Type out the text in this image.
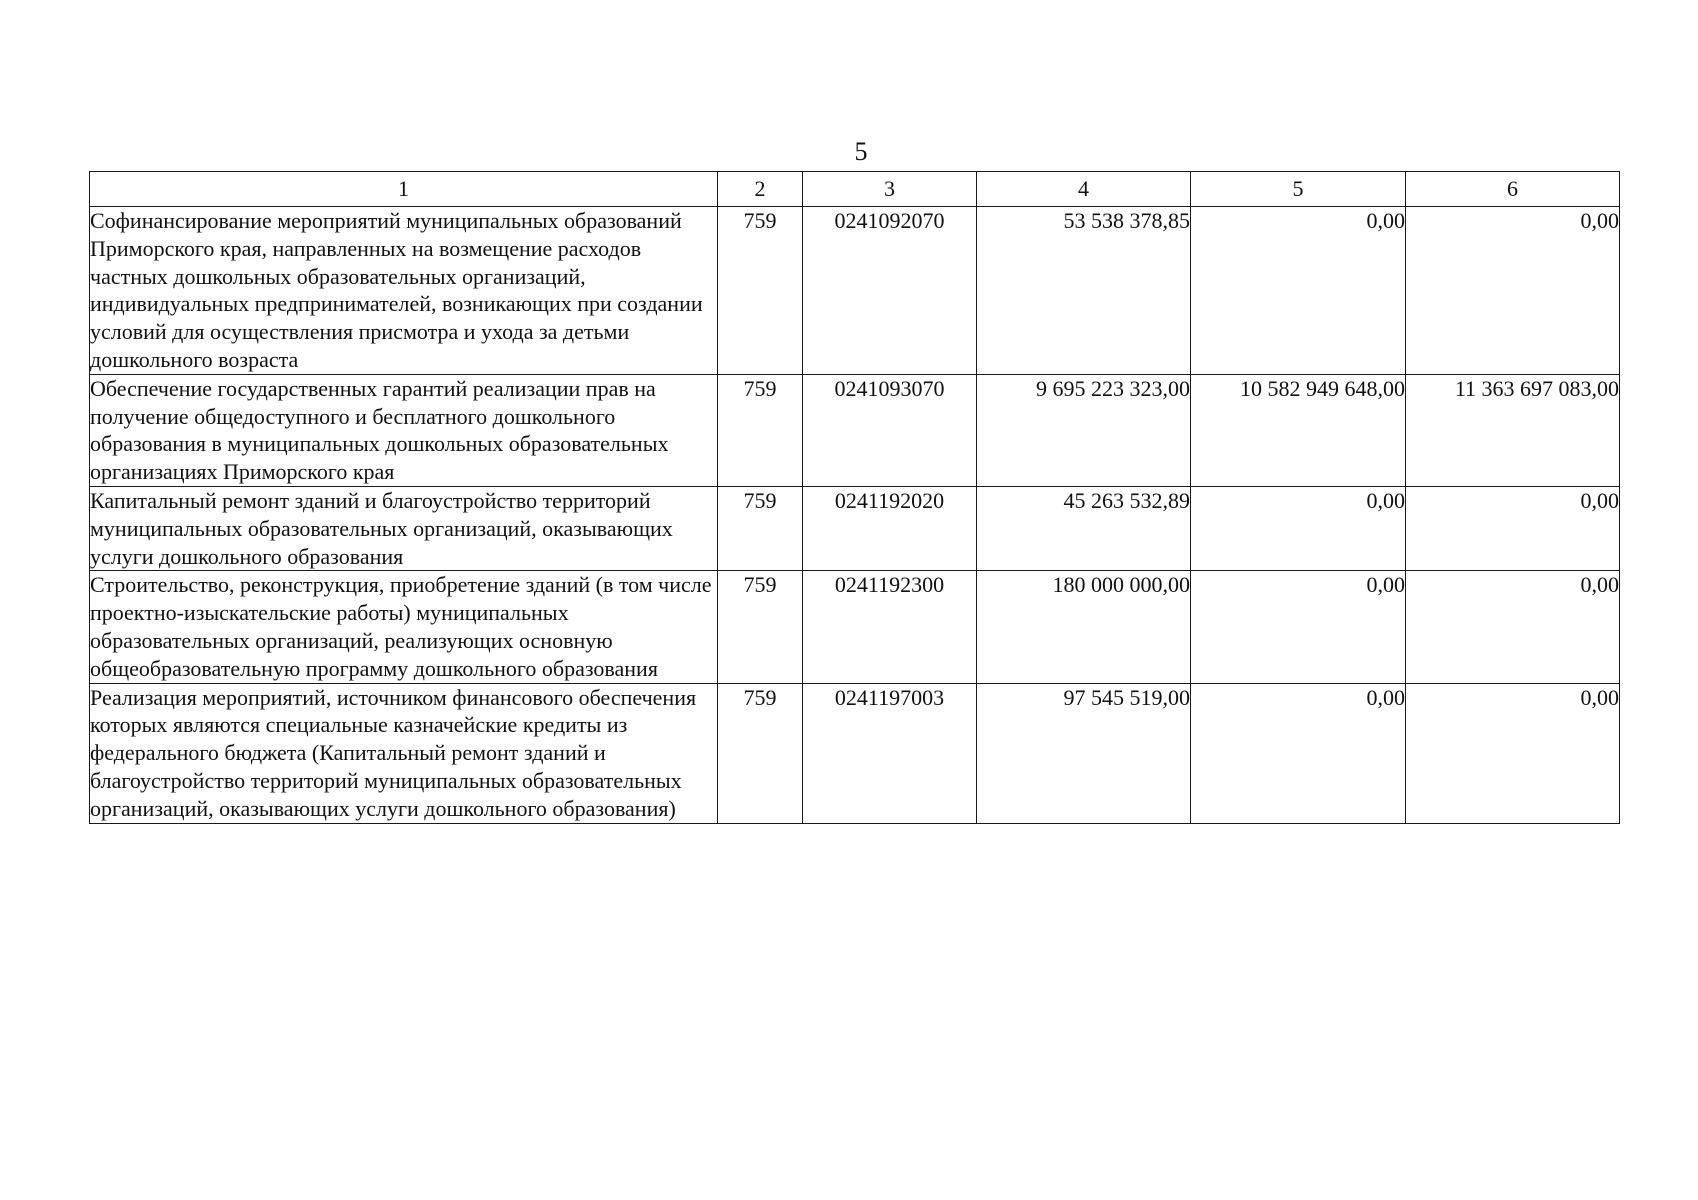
5
1	2	3	4	5	6
Софинансирование мероприятий муниципальных образований Приморского края, направленных на возмещение расходов частных дошкольных образовательных организаций, индивидуальных предпринимателей, возникающих при создании условий для осуществления присмотра и ухода за детьми дошкольного возраста	759	0241092070	53 538 378,85	0,00	0,00
Обеспечение государственных гарантий реализации прав на получение общедоступного и бесплатного дошкольного образования в муниципальных дошкольных образовательных организациях Приморского края	759	0241093070	9 695 223 323,00	10 582 949 648,00	11 363 697 083,00
Капитальный ремонт зданий и благоустройство территорий муниципальных образовательных организаций, оказывающих услуги дошкольного образования	759	0241192020	45 263 532,89	0,00	0,00
Строительство, реконструкция, приобретение зданий (в том числе проектно-изыскательские работы) муниципальных образовательных организаций, реализующих основную общеобразовательную программу дошкольного образования	759	0241192300	180 000 000,00	0,00	0,00
Реализация мероприятий, источником финансового обеспечения которых являются специальные казначейские кредиты из федерального бюджета (Капитальный ремонт зданий и благоустройство территорий муниципальных образовательных организаций, оказывающих услуги дошкольного образования)	759	0241197003	97 545 519,00	0,00	0,00
